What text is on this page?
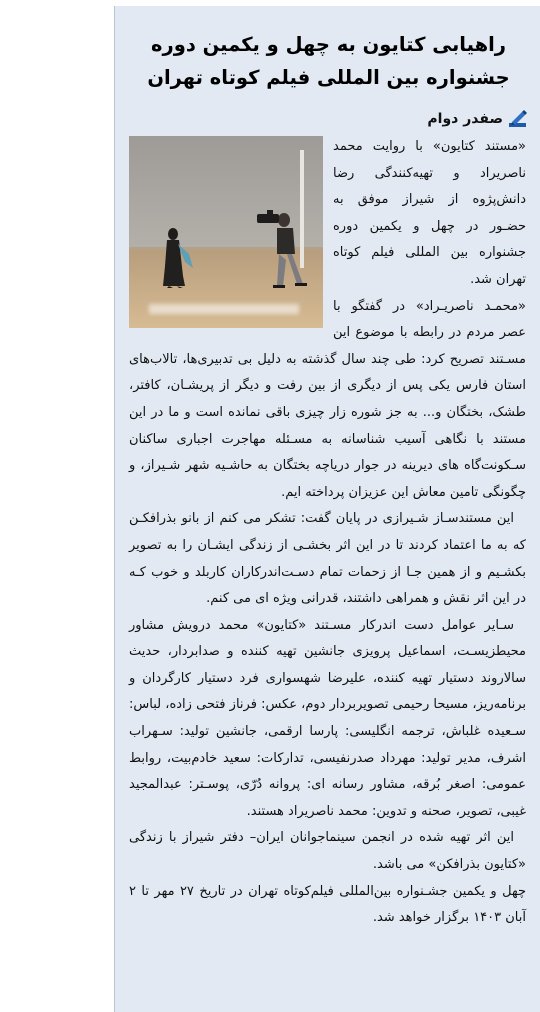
راهیابی کتایون به چهل و یکمین دوره جشنواره بین المللی فیلم کوتاه تهران
صفدر دوام

«مستند کتایون» با روایت محمد ناصریراد و تهیه‌کنندگی رضا دانش‌پژوه از شیراز موفق به حضـور در چهل و یکمین دوره جشنواره بین المللی فیلم کوتاه تهران شد.

«محمـد ناصریـراد» در گفتگو با عصر مردم در رابطه با موضوع این مسـتند تصریح کرد: طی چند سال گذشته به دلیل بی تدبیری‌ها، تالاب‌های استان فارس یکی پس از دیگری از بین رفت و دیگر از پریشـان، کافتر، طشک، بختگان و... به جز شوره زار چیزی باقی نمانده است و ما در این مستند با نگاهی آسیب شناسانه به مسـئله مهاجرت اجباری ساکنان سـکونت‌گاه های دیرینه در جوار دریاچه بختگان به حاشـیه شهر شـیراز، و چگونگی تامین معاش این عزیزان پرداخته ایم.

این مستندسـاز شـیرازی در پایان گفت: تشکر می کنم از بانو بذرافکـن که به ما اعتماد کردند تا در این اثر بخشـی از زندگی ایشـان را به تصویر بکشـیم و از همین جـا از زحمات تمام دسـت‌اندرکاران کاربلد و خوب کـه در این اثر نقش و همراهی داشتند، قدرانی ویژه ای می کنم.

سـایر عوامل دست اندرکار مسـتند «کتایون» محمد درویش مشاور محیطزیسـت، اسماعیل پرویزی جانشین تهیه کننده و صدابردار، حدیث سالاروند دستیار تهیه کننده، علیرضا شهسواری فرد دستیار کارگردان و برنامه‌ریز، مسیحا رحیمی تصویربردار دوم، عکس: فرناز فتحی زاده، لباس: سـعیده غلباش، ترجمه انگلیسی: پارسا ارقمی، جانشین تولید: سـهراب اشرف، مدیر تولید: مهرداد صدرنفیسی، تدارکات: سعید خادم‌بیت، روابط عمومی: اصغر بُرقه، مشاور رسانه ای: پروانه دُرّی، پوسـتر: عبدالمجید غیبی، تصویر، صحنه و تدوین: محمد ناصریراد هستند.

این اثر تهیه شده در انجمن سینماجوانان ایران– دفتر شیراز با زندگی «کتایون بذرافکن» می باشد.

چهل و یکمین جشـنواره بین‌المللی فیلم‌کوتاه تهران در تاریخ ۲۷ مهر تا ۲ آبان ۱۴۰۳ برگزار خواهد شد.
